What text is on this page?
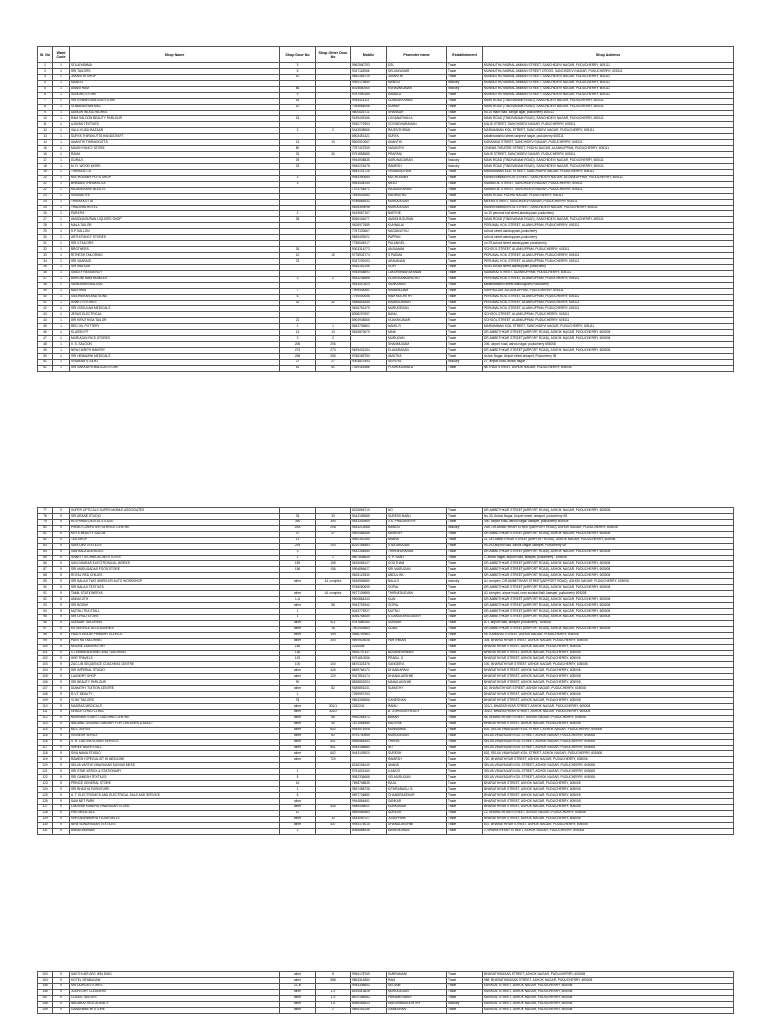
Sl. No	Ward Code	Shop Name	Shop Door No	Shop Other Door No	Mobile	Promoter name	Establishment	Shop Address
1	1	SOLAIYAMMA	3		9962560753	ESL	Trade	MUNNUTHU MARIAL AMMAN STREET, SANCHIDEVI NAGAR, PUDUCHERRY, 605111
2	1	SRI TAILORS	5		9047118566	SELVAKUMAR	Trade	MUNNUTHU MARIAL AMMAN STREET CROSS, SANCHIDEVI NAGAR, PUDUCHERRY, 605111
3	1	JAYANTHI SHOP	10		9842308715	JAYANTHI	Trade	MUNNUTHU MARIAL AMMAN STREET, SANCHIDEVI NAGAR, PUDUCHERRY, 605111
4	1	MANGO			9994179850	MANGO	Industry	MUNNUTHU MARIAL AMMAN STREET, SANCHIDEVI NAGAR, PUDUCHERRY, 605111
5	1	ANANTHAM	66		8015680440	KSHAVAKUMAR	Industry	MUNNUTHU MARIAL AMMAN STREET, SANCHIDEVI NAGAR, PUDUCHERRY, 605111
6	1	SENDHU STORE	9		9787490185	KAMALA	Trade	MUNNUTHU MARIAL AMMAN STREET, SANCHIDEVI NAGAR, PUDUCHERRY, 605111
7	1	SRI ESWARI MALIGAI STORE	16		9944414111	GUNASEKARAN	Trade	MAIN ROAD (TINDIVANAM ROAD), SANCHIDEVI NAGAR, PUDUCHERRY, 605111
8	1	SOMANATHAN MILL	10		7094664096	KUMAR	Trade	MAIN ROAD (TINDIVANAM ROAD), SANCHIDEVI NAGAR, PUDUCHERRY, 605111
9	1	SANGIR WOOD WORKS			9600525711	SHANKAR	Trade	no.15 main road, sangiv agar, puducherry 605111
10	1	RAM SALOON BEAUTY PARLOUR	15		9159449166	LOGANATHAN A	Trade	MAIN ROAD (TINDIVANAM ROAD), SANCHIDEVI NAGAR, PUDUCHERRY, 605111
11	1	AJAYAN TEXTILES			9940772593	GOVINDHARAMAN	Trade	KALIE STREET, SANCHIDEVI NAGAR, PUDUCHERRY, 605111
12	1	VALLI KUDU BAZAAR	2	2	9443538966	RAJENTHIRAN	Trade	MARIAMMAN KOIL STREET, SANCHIDEVI NAGAR, PUDUCHERRY, 605111
13	1	SURYA THIRUKUTTA HANDICRAFT			8903451421	SURYA	Trade	kalaithiarasthu street,sanjeevi nagar, puducherry 605111
14	1	ANANTHI THIRAKKUTTA	13	13	9600510067	ANANTHI	Trade	KARANKAI STREET, SANCHIDEVI NAGAR, PUDUCHERRY, 605111
15	1	MAGIH FANCY STORE	80		7787427539	VASANTHI	Trade	CINEMA THEATRE STREET, PUDHU NAGAR, ALANKUPPAM, PUDUCHERRY, 605111
16	1	RAMA	32	30	9791858585	PRAPANI	Trade	KALIE STREET, SANCHIDEVI NAGAR, PUDUCHERRY, 605111
17	1	GURAJI	29		9944908835	KARUNAGARAN	Industry	MAIN ROAD (TINDIVANAM ROAD), SANCHIDEVI NAGAR, PUDUCHERRY, 605111
18	1	M. R. WOOD WORK	32		9940221676	RAMESH	Industry	MAIN ROAD (TINDIVANAM ROAD), SANCHIDEVI NAGAR, PUDUCHERRY, 605111
19	1	TIRRAKUTTU			9843131725	VISWANATHAN	Trade	MARIAMMAN KOIL STREET, SANCHIDEVI NAGAR, PUDUCHERRY, 605111
20	1	MUTHUSAMY POTS SHOP	1		9944390080	MUTHUSAMY	Trade	KANNIYAMMAN KOIL STREET, SANCHIDEVI NAGAR, ALLANKUPPAM, PUDUCHERRY, 605111
21	1	BHAVANI THIRAKKOTA	3		9943434244	MELU	Trade	KAMAKOIL STREET, SANCHIDEVI NAGAR, PUDUCHERRY, 605111
22	1	RAJASEKARE BLEUTS			7373704571	RAJASEKARAN	Trade	KAMAKOIL STREET, SANCHIDEVI NAGAR, PUDUCHERRY, 605111
23	1	SIVASAKTHI			7639525282	KALIMUTHU	Trade	MAIN ROAD, PUDHU NAGAR, PUDUCHERRY, 605111
24	1	THIRAKKOTTA			9786865432	MURUGESAN	Trade	MEERA STREET, SANCHIDEVI NAGAR, PUDUCHERRY, 605111
25	1	THADSHA HOTEL			9626309096	MURUGESAN	Trade	KANNIYAMMAN KOIL STREET, SANCHIDEVI NAGAR, PUDUCHERRY, 605111
26	1	PARATHI	2		9443657167	BARTHE	Trade	no.10 perumal koil street,alankuppam,puducherry
27	1	AMUDHAGURAN LIQUORS SHOP	28		8056116677	AMUDHAGURAN	Trade	MAIN ROAD (TINDIVANAM ROAD), SANCHIDEVI NAGAR, PUDUCHERRY, 605111
28	1	MALA TAILOR			9626977689	KUNNALAI	Trade	PERUMAL KOIL STREET, ALANKUPPAM, PUDUCHERRY, 605111
29	1	S.P SALLON			7787333667	NAGAMUTHU	Trade	school street,alankuppam,puducherry
30	1	ARTHI FANCY STORES			9655409021	PAPPAN	Trade	school street,alankuppam,puducherry
31	1	SRI.V.TAILORS			7786545217	PALANIVEL	Trade	no.29,school street,alankuppam,pondicherry
32	1	BROTHERS	26		9003314272	ANJUMANI	Trade	SCHOOL STREET, ALANKUPPAM, PUDUCHERRY, 605111
33	1	RITHESH TAILORING	10	10	9778931774	S PADMA	Trade	PERUMAL KOIL STREET, ALANKUPPAM, PUDUCHERRY, 605111
34	1	SRI VAARAGI	23		9047239193	ARAVANAN	Trade	PERUMAL KOIL STREET, ALANKUPPAM, PUDUCHERRY, 605111
35	1	SRI MALIGAI			9944151196	GOPI	Trade	no.65 school street,alankuppam,puducherry
36	1	SMILEY RESIDENCY			9944908893	LAKSHMINARAYANAN	Trade	KAMARAJ STREET, ALANKUPPAM, PUDUCHERRY, 605111
37	1	ARIKONI NAM MOBILES	2	2	9443238966	GOURISANKAPATHU	Trade	PERUMAL KOIL STREET, ALANKUPPAM, PUDUCHERRY, 605111
38	1	SANKARAN MALIGAI			9443010423	SANKARAN	Trade	kalaithiarasthu street,alankuppam,Puducherry
39	1	MAITHRAI	7		7994448381	RAMANUJAM	Trade	SARPALLAM, ALLANKUPPAM, PUDUCHERRY, 605111
40	1	SIDDHUKAN AND SONS	6		7790000056	RAM MOORTHY	Trade	PERUMAL KOIL STREET, ALANKUPPAM, PUDUCHERRY, 605111
41	1	SHAKTI STORES	32	32	9486818285	RAMASUBRAN	Trade	PERUMAL KOIL STREET, ALANKUPPAM, PUDUCHERRY, 605111
42	1	SRI GOKULAM MEDICALS			9626761479	MURUGESAN	Trade	PERUMAL KOIL STREET, ALANKUPPAM, PUDUCHERRY, 605111
43	1	JESUS ELECTRICAL			8098207697	BANU	Trade	SCHOOL STREET, ALANKUPPAM, PUDUCHERRY, 605111
44	1	SRI KIRUTHIGA TAILOR	21		8904948566	VIJAYAKUMAR	Trade	SCHOOL STREET, ALANKUPPAM, PUDUCHERRY, 605111
45	1	RED OIL POTTERY	1	1	9843706562	NAMIL R	Trade	MARIAMMAN KOIL STREET, SANCHIDEVI NAGAR, PUDUCHERRY, 605111
46	1	KLASSN PT	13	13	9626870679	MANI	Trade	DR.AMBETHKAR STREET(AIRPORT ROAD), ASHOK NAGAR, PUDUCHERRY, 605008
47	1	MURUGAN RICE STORES	2	2		MURUGAN	Trade	DR.AMBETHKAR STREET(AIRPORT ROAD), ASHOK NAGAR, PUDUCHERRY, 605008
48	1	V. S. SALOON	206	206		SHANMUGAM	Trade	206, airport road, ashok nagar, puducherry 605008
49	1	NEW HARITH BAKERY	273	273	9629432154	ELAVARASAN	Trade	DR.AMBETHKAR STREET(AIRPORT ROAD), ASHOK NAGAR, PUDUCHERRY, 605008
50	1	SRI HEMAMINI MEDICALS	265	265	9786189750	AMUTHA	Trade	Ashok Nagar, Airport street,lawspet, Puducherry 08
51	1	SIVARAM STUDIO	27	27	9003827693	SENTHIL	Industry	27, airport road, ashok nagar
52	1	SRI SAKKATHI MALIGAI STORE	51	51	7339115586	PODHUGUMALA	Trade	NETHAJI STREET, ASHOK NAGAR, PUDUCHERRY, 605008
77	9	SUPER OPTICALS SUPER MOBILE ASSOCIATES			8220896710	NO	Trade	DR.AMBETHKAR STREET(AIRPORT ROAD), ASHOK NAGAR, PUDUCHERRY, 605008
78	9	SRI ARANE STUDIO	33	33	9443189685	SURESH BABU	Trade	No.33, Ashok Nagar, Airport street, lawspet, puducherry 08
79	9	RUTHIRAN DIGITAL STUDIO	390	390	9443303969	V.S. PRADAPATHY	Trade	390, airport road, ashok nagar, lawspet, puducherry 605008
80	9	PRIMO COMPUTER SERVICE CENTRE	29A	29A	9443213066	MANGO	Industry	29A, DR.AMBETHKAR STREET(AIRPORT ROAD), ASHOK NAGAR, PUDUCHERRY, 605008
81	9	M.R.S BEAUTY SALON	37	37	9500488166	MAHESH	Trade	DR.AMBETHKAR STREET(AIRPORT ROAD), ASHOK NAGAR, PUDUCHERRY, 605008
82	9	TEA SHOP	11		9952167060	ANAND	Trade	11, DR.AMBETHKAR STREET(AIRPORT ROAD), ASHOK NAGAR, PUDUCHERRY, 605008
83	9	SAROJINI TEXTILES	293	293	8220156583	S.NATARAJAN	Trade	no.293,airport road, Ashok Nagar, lawspet, Puducherry 08
84	9	VAN BALA AGENCIES	3		9442354680	THIRNEDHARAN	Trade	DR.AMBETHKAR STREET(AIRPORT ROAD), ASHOK NAGAR, PUDUCHERRY, 605008
85	9	SHAKTI TECHNICAL INSTITUTES	1	1	9807808839	S. P. SAMY	Trade	1, ashok nagar, airport road, lawspet, puducherry - 605008
86	9	SAN DHARAS ELECTRONICAL WORKS	155	155	9626068127	GOUTHAM	Trade	DR.AMBETHKAR STREET(AIRPORT ROAD), ASHOK NAGAR, PUDUCHERRY, 605008
87	9	SRI MURUGADAS FOOD STORE	156	156	9994896627	SRI MURUGAN	Trade	DR.AMBETHKAR STREET(AIRPORT ROAD), ASHOK NAGAR, PUDUCHERRY, 605008
88	9	ROYAL RED CHILIES			9626122530	ABDUL BK	Trade	DR.AMBETHKAR STREET(AIRPORT ROAD), ASHOK NAGAR, PUDUCHERRY, 605008
89	9	SRI BALAJI TWO WHEELER AUTO WORKSHOP	other	A1 complex	9626556580	BALAJI	Industry	A1 complex, DR.AMBETHKAR STREET(AIRPORT ROAD), ASHOK NAGAR, PUDUCHERRY, 605008
90	9	SRI BALAJI TEXTILES			9788080699	GOPAL	Trade	DR.AMBETHKAR STREET(AIRPORT ROAD), ASHOK NAGAR, PUDUCHERRY, 605008
91	9	TAMIL STATIONERYA	other	A1 complex	9677109685	THIRNEDUEVAN	Trade	A1 complex, airport road, near suvalai illalli, lawspet, puducherry 605008
92	9	ANNAI UTH	1-A		9500864343	KUAI	Trade	DR.AMBETHKAR STREET(AIRPORT ROAD), ASHOK NAGAR, PUDUCHERRY, 605008
93	9	SRI BOOMI	other	58	9943709342	GOPAL	Trade	DR.AMBETHKAR STREET(AIRPORT ROAD), ASHOK NAGAR, PUDUCHERRY, 605008
94	9	MUTHU TEA STALL	1		9043773927	MUTHU	Trade	DR.AMBETHKAR STREET(AIRPORT ROAD), ASHOK NAGAR, PUDUCHERRY, 605008
95	9	SRI CHILD STORE	1		8056768089	S.GANGEARUGAGER	Trade	DR.AMBETHKAR STREET(AIRPORT ROAD), ASHOK NAGAR, PUDUCHERRY, 605008
96	9	SUNDAR TAILORING	other	B-1	9787885180	SUNDAR	Trade	B-1, airport road, lawspet, puducherry - 605008
97	9	KS SERVICE ACCESSORIES	other	16	7502409563	GUNA	Trade	DR.AMBETHKAR STREET(AIRPORT ROAD), ASHOK NAGAR, PUDUCHERRY, 605008
98	9	PAULS KIDDIE PRIMARY SCHOOL	other	199	9486709483		Trade	96, KAMARAJ STREET, ASHOK NAGAR, PUDUCHERRY, 605008
99	9	PAVITRA TAILORING	other	304	9894918008	PARTHIBAN	Trade	304, BHARATHIYAR STREET, ASHOK NAGAR, PUDUCHERRY, 605008
100	9	MOUNE LABORATORY	148		2220508		Trade	BHARATHIYAR STREET, ASHOK NAGAR, PUDUCHERRY, 605008
101	9	CJ EMBROIDERING AND TAILORING	138		9626737337	BUVANESHWARI	Trade	BHARATHIYAR STREET, ASHOK NAGAR, PUDUCHERRY, 605008
102	9	SKR TRAVELS	129		9791810056	PRABU. G	Trade	BHARATHIYAR STREET, ASHOK NAGAR, PUDUCHERRY, 605008
103	9	ZAC-LIB SEQUENCE COACHING CENTRE	100	100	8870323376	SANGEEVI	Trade	100, BHARATHIYAR STREET, ASHOK NAGAR, PUDUCHERRY, 605008
104	9	SRI IMPERIAL STUDIO	other	426	8695766172	DHANDAPANI	Trade	BHARATHIYAR STREET, ASHOK NAGAR, PUDUCHERRY, 605008
105	9	LAUNDRY SHOP	other	120	9047816174	DHANALAKSHMI	Trade	BHARATHIYAR STREET, ASHOK NAGAR, PUDUCHERRY, 605008
106	9	SRI BEAUTY PARLOUR	90		8838802094	MAHALAKSHMI	Trade	BHARATHIYAR STREET, ASHOK NAGAR, PUDUCHERRY, 605008
107	9	SUMATHY TUITION CENTRE	other	82	9489891031	SUMATHY	Trade	82, BHARATHIYAR STREET, ASHOK NAGAR, PUDUCHERRY, 605008
108	9	R.V.T BEAUTY	1		7259997253		Trade	BHARATHIYAR STREET, ASHOK NAGAR, PUDUCHERRY, 605008
109	9	VIJAY TAILORS	78		9894306556	GANESHAN	Trade	BHARATHIYAR STREET, ASHOK NAGAR, PUDUCHERRY, 605008
110	9	MADRAS MEDICALS	other	301/1	2252242	RAMU	Trade	301/1, BHARATHIYAR STREET, ASHOK NAGAR, PUDUCHERRY, 605008
111	9	GRACE CHILD CLINIC	other	301/2		B. JOHNSON REDDY	Trade	301/2, BHARATHIYAR STREET, ASHOK NAGAR, PUDUCHERRY, 605008
112	9	MORNING START COACHING CENTRE	other	68	9940264472	BABAN	Trade	68, BHARATHIYAR STREET, ASHOK NAGAR, PUDUCHERRY, 605008
113	9	NADANIL LENDING LIBRARY FOR CHILDREN & ADULT	other	49	7871954984	KAUTHIK	Trade	BHARATHIYAR STREET, ASHOK NAGAR, PUDUCHERRY, 605008
114	9	MCC XEROX	other	602	9944979208	MUNIAMMA	Trade	602, SELVA VINAYAGAR KOIL STREET, ASHOK NAGAR, PUDUCHERRY, 605008
115	9	VIGNESH XEROX	other	62	9791730965	MURUGESAN	Trade	SELVA VINAYAGAR KOIL STREET, ASHOK NAGAR, PUDUCHERRY, 605008
116	9	S. R. LAUTHA SOUND SERVICE	other	601	9698564453	THIRVIL	Trade	SELVA VINAYAGAR KOIL STREET, ASHOK NAGAR, PUDUCHERRY, 605008
117	9	SHREE NIDHI STALL	other	601	9944166680	NO	Trade	SELVA VINAYAGAR KOIL STREET, ASHOK NAGAR, PUDUCHERRY, 605008
118	9	SIVA NAMA STUDIO	other	602	9443109520	SURESH	Trade	602, SELVA VINAYAGAR KOIL STREET, ASHOK NAGAR, PUDUCHERRY, 605008
119	9	RAMESH SPECIALIST IN MEDICINE	other	720		RAMESH	Trade	720, BHARATHIYAR STREET, ASHOK NAGAR, PUDUCHERRY, 605008
120	9	SELVA VASTHI VINAYAGAR SAVVAS MESS			8248194040	ANAND	Trade	SELVA VINAYAGAR KOIL STREET, ASHOK NAGAR, PUDUCHERRY, 605008
121	9	SRI STAR XEROX & STATIONARY	1		9751833160	ILANGO	Trade	SELVA VINAYAGAR KOIL STREET, ASHOK NAGAR, PUDUCHERRY, 605008
122	9	SRI GANESH TEXTILES	5		9952336688	VELMURUGAN	Trade	SELVA VINAYAGAR KOIL STREET, ASHOK NAGAR, PUDUCHERRY, 605008
123	9	PRINCE GENERAL STORE	16		7598708835	RAJA	Trade	BHARATHIYAR STREET, ASHOK NAGAR, PUDUCHERRY, 605008
124	9	SRI BHAGYA FURNITURE	1		9597498738	KITHRARASU. B	Trade	BHARATHIYAR STREET, ASHOK NAGAR, PUDUCHERRY, 605008
125	9	A. T. ELECTRONICS AND ELECTRICAL SALE AND SERVICE	5		9597726880	CHANDRASEKAR	Trade	BHARATHIYAR STREET, ASHOK NAGAR, PUDUCHERRY, 605008
126	9	SAM NET PARK	other		9944864661	SANKAR	Trade	BHARATHIYAR STREET, ASHOK NAGAR, PUDUCHERRY, 605008
127	9	LAKSHMI KUBERA VINAYAGAR STORE	other	534	9585408001	KUNKUMAR	Trade	BHARATHIYAR STREET, ASHOK NAGAR, PUDUCHERRY, 605008
128	9	PNS MEDICALS	12		9894569463	SURESH	Trade	12, BHARATHIYAR STREET, ASHOK NAGAR, PUDUCHERRY, 605008
129	9	SHRI AISHWARYA FLOUR MILLS	other	10	9443090727	JOSEPHINE	Trade	BHARATHIYAR STREET, ASHOK NAGAR, PUDUCHERRY, 605008
130	9	NEW SUNDRAGAN TEXTILES	other	537	9944175015	DHANALAKSHMI	Trade	537, BHARATHIYAR STREET, ASHOK NAGAR, PUDUCHERRY, 605008
131	9	ANNAI ABIRAMI	2		8056888936	MAHENDIRAN	Trade	2, BHARATHIYAR STREET, ASHOK NAGAR, PUDUCHERRY, 605008
153	9	SAKTHI AIR ARC WELDING	other	8	9994178765	SUBRAMANI	Trade	BHARATHIDASAN STREET, ASHOK NAGAR, PUDUCHERRY, 605008
154	9	HOTEL SENBAGAM	other	588	9894314580	RAM	Trade	588, BHARATHIDASAN STREET, ASHOK NAGAR, PUDUCHERRY, 605008
155	9	SRI DURGA STORES	21-B		9944308652	SELVAM	Trade	KAVIKUIL STREET, ASHOK NAGAR, PUDUCHERRY, 605008
156	9	JODHI DRY CLEANERS	other	1-9	8220513826	MURUGESAN	Trade	KAVIKUIL STREET, ASHOK NAGAR, PUDUCHERRY, 605008
157	9	CLASSI TAILORS	other	1-9	8870188982	PARAMESWARI	Trade	KAVIKUIL STREET, ASHOK NAGAR, PUDUCHERRY, 605008
158	9	NAGARAJ RICE AGENCY	other	1-6	8056465533	DAKSHINAMOORTHY	Industry	KAVIKUIL STREET, ASHOK NAGAR, PUDUCHERRY, 605008
159	9	GANDHIMATHI STORE	other	2	9894151155	GANESHAN	Trade	KAVIKUIL STREET, ASHOK NAGAR, PUDUCHERRY, 605008
